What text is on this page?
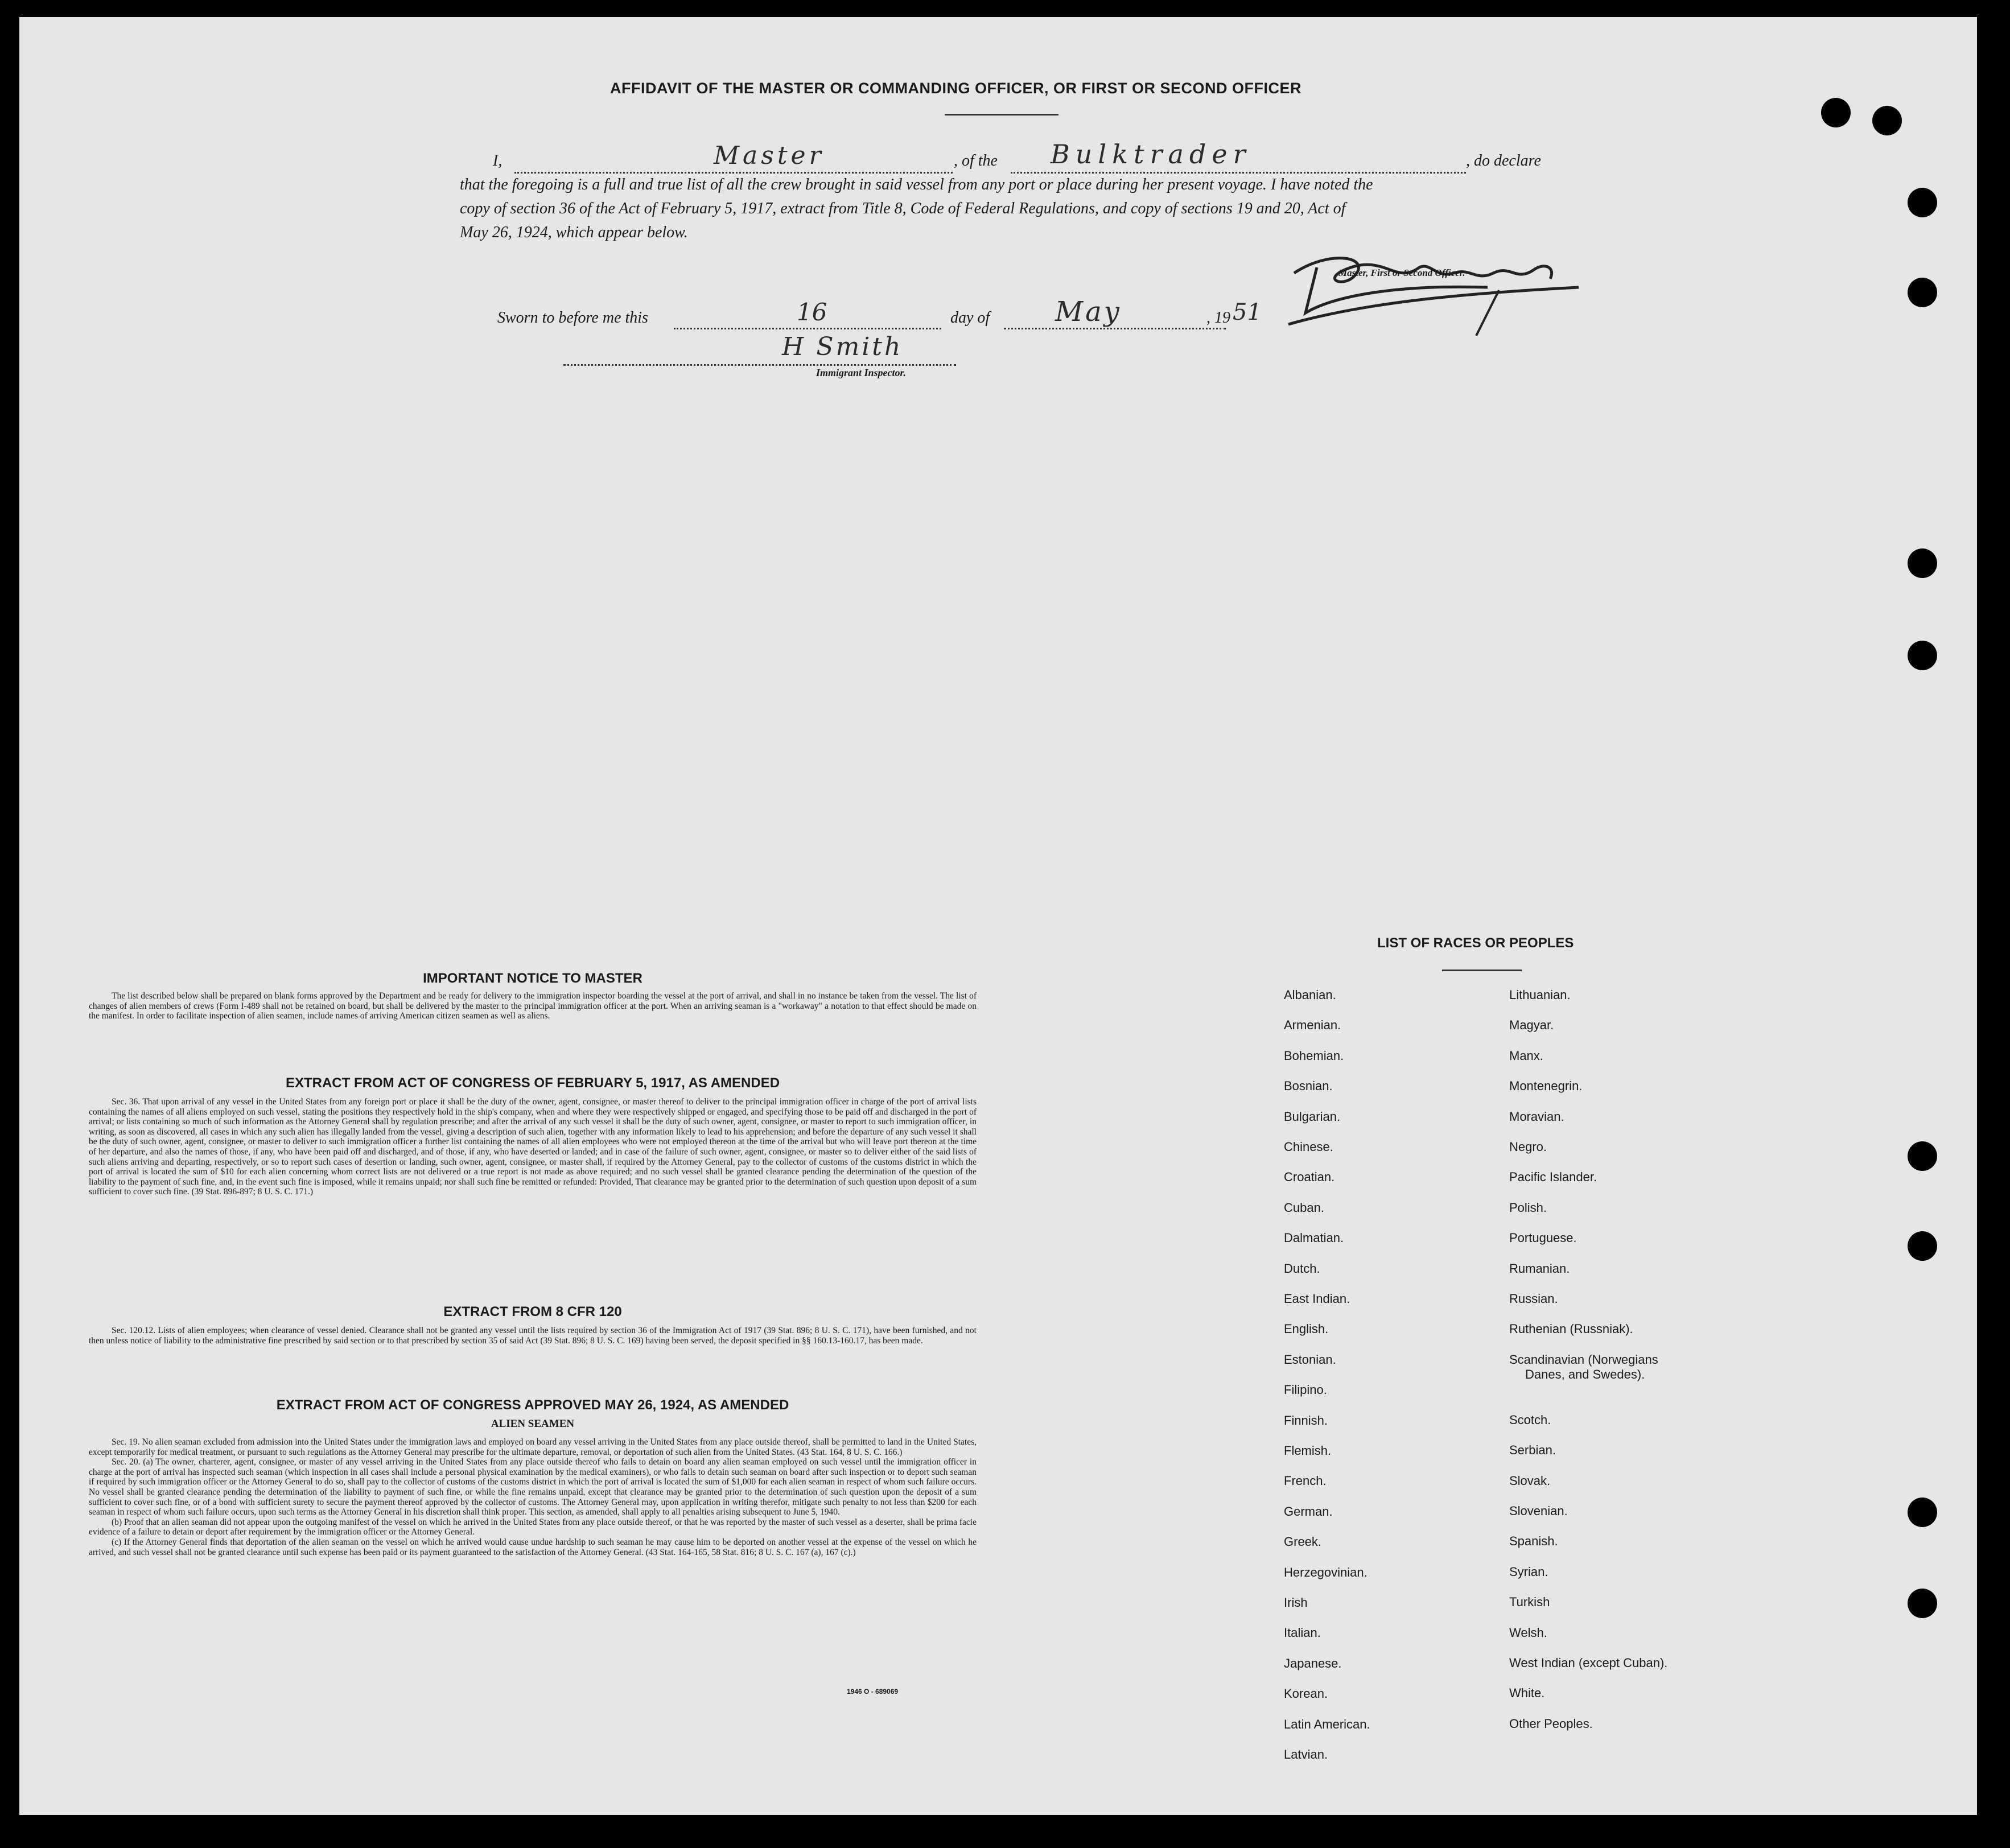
AFFIDAVIT OF THE MASTER OR COMMANDING OFFICER, OR FIRST OR SECOND OFFICER
I,	Master	, of the Bulktrader	, do declare
that the foregoing is a full and true list of all the crew brought in said vessel from any port or place during her present voyage. I have noted the
copy of section 36 of the Act of February 5, 1917, extract from Title 8, Code of Federal Regulations, and copy of sections 19 and 20, Act of
May 26, 1924, which appear below.
Master, First or Second Officer.
Sworn to before me this	16	day of May	, 19 51
H Smith
Immigrant Inspector.
IMPORTANT NOTICE TO MASTER

The list described below shall be prepared on blank forms approved by the Department and be ready for delivery to the immigration inspector boarding the vessel at the port of arrival, and shall in no instance be taken from the vessel. The list of changes of alien members of crews (Form I-489 shall not be retained on board, but shall be delivered by the master to the principal immigration officer at the port. When an arriving seaman is a "workaway" a notation to that effect should be made on the manifest. In order to facilitate inspection of alien seamen, include names of arriving American citizen seamen as well as aliens.

EXTRACT FROM ACT OF CONGRESS OF FEBRUARY 5, 1917, AS AMENDED

Sec. 36. That upon arrival of any vessel in the United States from any foreign port or place it shall be the duty of the owner, agent, consignee, or master thereof to deliver to the principal immigration officer in charge of the port of arrival lists containing the names of all aliens employed on such vessel, stating the positions they respectively hold in the ship's company, when and where they were respectively shipped or engaged, and specifying those to be paid off and discharged in the port of arrival; or lists containing so much of such information as the Attorney General shall by regulation prescribe; and after the arrival of any such vessel it shall be the duty of such owner, agent, consignee, or master to report to such immigration officer, in writing, as soon as discovered, all cases in which any such alien has illegally landed from the vessel, giving a description of such alien, together with any information likely to lead to his apprehension; and before the departure of any such vessel it shall be the duty of such owner, agent, consignee, or master to deliver to such immigration officer a further list containing the names of all alien employees who were not employed thereon at the time of the arrival but who will leave port thereon at the time of her departure, and also the names of those, if any, who have been paid off and discharged, and of those, if any, who have deserted or landed; and in case of the failure of such owner, agent, consignee, or master so to deliver either of the said lists of such aliens arriving and departing, respectively, or so to report such cases of desertion or landing, such owner, agent, consignee, or master shall, if required by the Attorney General, pay to the collector of customs of the customs district in which the port of arrival is located the sum of $10 for each alien concerning whom correct lists are not delivered or a true report is not made as above required; and no such vessel shall be granted clearance pending the determination of the question of the liability to the payment of such fine, and, in the event such fine is imposed, while it remains unpaid; nor shall such fine be remitted or refunded: Provided, That clearance may be granted prior to the determination of such question upon deposit of a sum sufficient to cover such fine. (39 Stat. 896-897; 8 U. S. C. 171.)

EXTRACT FROM 8 CFR 120

Sec. 120.12. Lists of alien employees; when clearance of vessel denied. Clearance shall not be granted any vessel until the lists required by section 36 of the Immigration Act of 1917 (39 Stat. 896; 8 U. S. C. 171), have been furnished, and not then unless notice of liability to the administrative fine prescribed by said section or to that prescribed by section 35 of said Act (39 Stat. 896; 8 U. S. C. 169) having been served, the deposit specified in §§ 160.13-160.17, has been made.

EXTRACT FROM ACT OF CONGRESS APPROVED MAY 26, 1924, AS AMENDED
ALIEN SEAMEN

Sec. 19. No alien seaman excluded from admission into the United States under the immigration laws and employed on board any vessel arriving in the United States from any place outside thereof, shall be permitted to land in the United States, except temporarily for medical treatment, or pursuant to such regulations as the Attorney General may prescribe for the ultimate departure, removal, or deportation of such alien from the United States. (43 Stat. 164, 8 U. S. C. 166.)

Sec. 20. (a) The owner, charterer, agent, consignee, or master of any vessel arriving in the United States from any place outside thereof who fails to detain on board any alien seaman employed on such vessel until the immigration officer in charge at the port of arrival has inspected such seaman (which inspection in all cases shall include a personal physical examination by the medical examiners), or who fails to detain such seaman on board after such inspection or to deport such seaman if required by such immigration officer or the Attorney General to do so, shall pay to the collector of customs of the customs district in which the port of arrival is located the sum of $1,000 for each alien seaman in respect of whom such failure occurs. No vessel shall be granted clearance pending the determination of the liability to payment of such fine, or while the fine remains unpaid, except that clearance may be granted prior to the determination of such question upon the deposit of a sum sufficient to cover such fine, or of a bond with sufficient surety to secure the payment thereof approved by the collector of customs. The Attorney General may, upon application in writing therefor, mitigate such penalty to not less than $200 for each seaman in respect of whom such failure occurs, upon such terms as the Attorney General in his discretion shall think proper. This section, as amended, shall apply to all penalties arising subsequent to June 5, 1940.

(b) Proof that an alien seaman did not appear upon the outgoing manifest of the vessel on which he arrived in the United States from any place outside thereof, or that he was reported by the master of such vessel as a deserter, shall be prima facie evidence of a failure to detain or deport after requirement by the immigration officer or the Attorney General.

(c) If the Attorney General finds that deportation of the alien seaman on the vessel on which he arrived would cause undue hardship to such seaman he may cause him to be deported on another vessel at the expense of the vessel on which he arrived, and such vessel shall not be granted clearance until such expense has been paid or its payment guaranteed to the satisfaction of the Attorney General. (43 Stat. 164-165, 58 Stat. 816; 8 U. S. C. 167 (a), 167 (c).)

1946 O - 689069
LIST OF RACES OR PEOPLES
Albanian.
Armenian.
Bohemian.
Bosnian.
Bulgarian.
Chinese.
Croatian.
Cuban.
Dalmatian.
Dutch.
East Indian.
English.
Estonian.
Filipino.
Finnish.
Flemish.
French.
German.
Greek.
Herzegovinian.
Irish
Italian.
Japanese.
Korean.
Latin American.
Latvian.
Lithuanian.
Magyar.
Manx.
Montenegrin.
Moravian.
Negro.
Pacific Islander.
Polish.
Portuguese.
Rumanian.
Russian.
Ruthenian (Russniak).
Scandinavian (Norwegians
Danes, and Swedes).
Scotch.
Serbian.
Slovak.
Slovenian.
Spanish.
Syrian.
Turkish
Welsh.
West Indian (except Cuban).
White.
Other Peoples.
